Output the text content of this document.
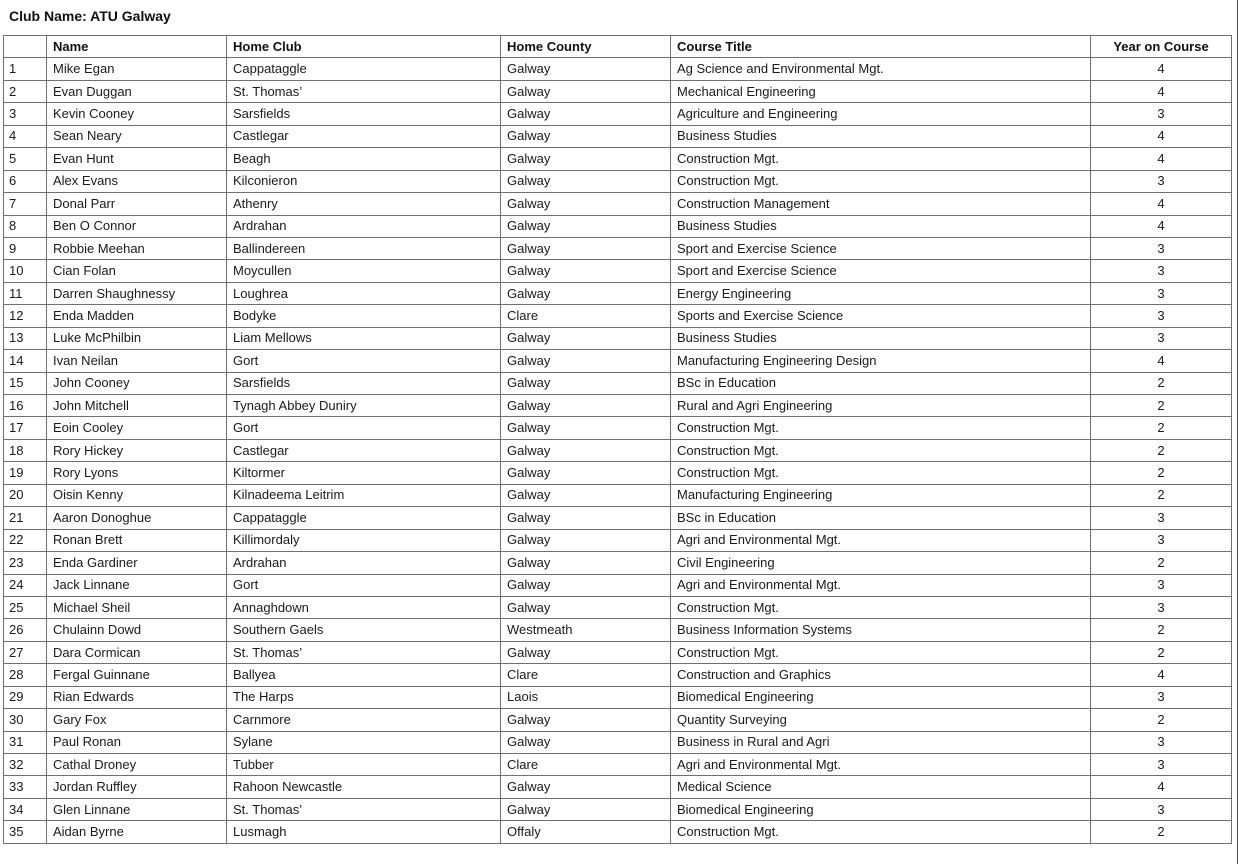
Club Name: ATU Galway
	Name	Home Club	Home County	Course Title	Year on Course
1	Mike Egan	Cappataggle	Galway	Ag Science and Environmental Mgt.	4
2	Evan Duggan	St. Thomas’	Galway	Mechanical Engineering	4
3	Kevin Cooney	Sarsfields	Galway	Agriculture and Engineering	3
4	Sean Neary	Castlegar	Galway	Business Studies	4
5	Evan Hunt	Beagh	Galway	Construction Mgt.	4
6	Alex Evans	Kilconieron	Galway	Construction Mgt.	3
7	Donal Parr	Athenry	Galway	Construction Management	4
8	Ben O Connor	Ardrahan	Galway	Business Studies	4
9	Robbie Meehan	Ballindereen	Galway	Sport and Exercise Science	3
10	Cian Folan	Moycullen	Galway	Sport and Exercise Science	3
11	Darren Shaughnessy	Loughrea	Galway	Energy Engineering	3
12	Enda Madden	Bodyke	Clare	Sports and Exercise Science	3
13	Luke McPhilbin	Liam Mellows	Galway	Business Studies	3
14	Ivan Neilan	Gort	Galway	Manufacturing Engineering Design	4
15	John Cooney	Sarsfields	Galway	BSc in Education	2
16	John Mitchell	Tynagh Abbey Duniry	Galway	Rural and Agri Engineering	2
17	Eoin Cooley	Gort	Galway	Construction Mgt.	2
18	Rory Hickey	Castlegar	Galway	Construction Mgt.	2
19	Rory Lyons	Kiltormer	Galway	Construction Mgt.	2
20	Oisin Kenny	Kilnadeema Leitrim	Galway	Manufacturing Engineering	2
21	Aaron Donoghue	Cappataggle	Galway	BSc in Education	3
22	Ronan Brett	Killimordaly	Galway	Agri and Environmental Mgt.	3
23	Enda Gardiner	Ardrahan	Galway	Civil Engineering	2
24	Jack Linnane	Gort	Galway	Agri and Environmental Mgt.	3
25	Michael Sheil	Annaghdown	Galway	Construction Mgt.	3
26	Chulainn Dowd	Southern Gaels	Westmeath	Business Information Systems	2
27	Dara Cormican	St. Thomas’	Galway	Construction Mgt.	2
28	Fergal Guinnane	Ballyea	Clare	Construction and Graphics	4
29	Rian Edwards	The Harps	Laois	Biomedical Engineering	3
30	Gary Fox	Carnmore	Galway	Quantity Surveying	2
31	Paul Ronan	Sylane	Galway	Business in Rural and Agri	3
32	Cathal Droney	Tubber	Clare	Agri and Environmental Mgt.	3
33	Jordan Ruffley	Rahoon Newcastle	Galway	Medical Science	4
34	Glen Linnane	St. Thomas’	Galway	Biomedical Engineering	3
35	Aidan Byrne	Lusmagh	Offaly	Construction Mgt.	2
